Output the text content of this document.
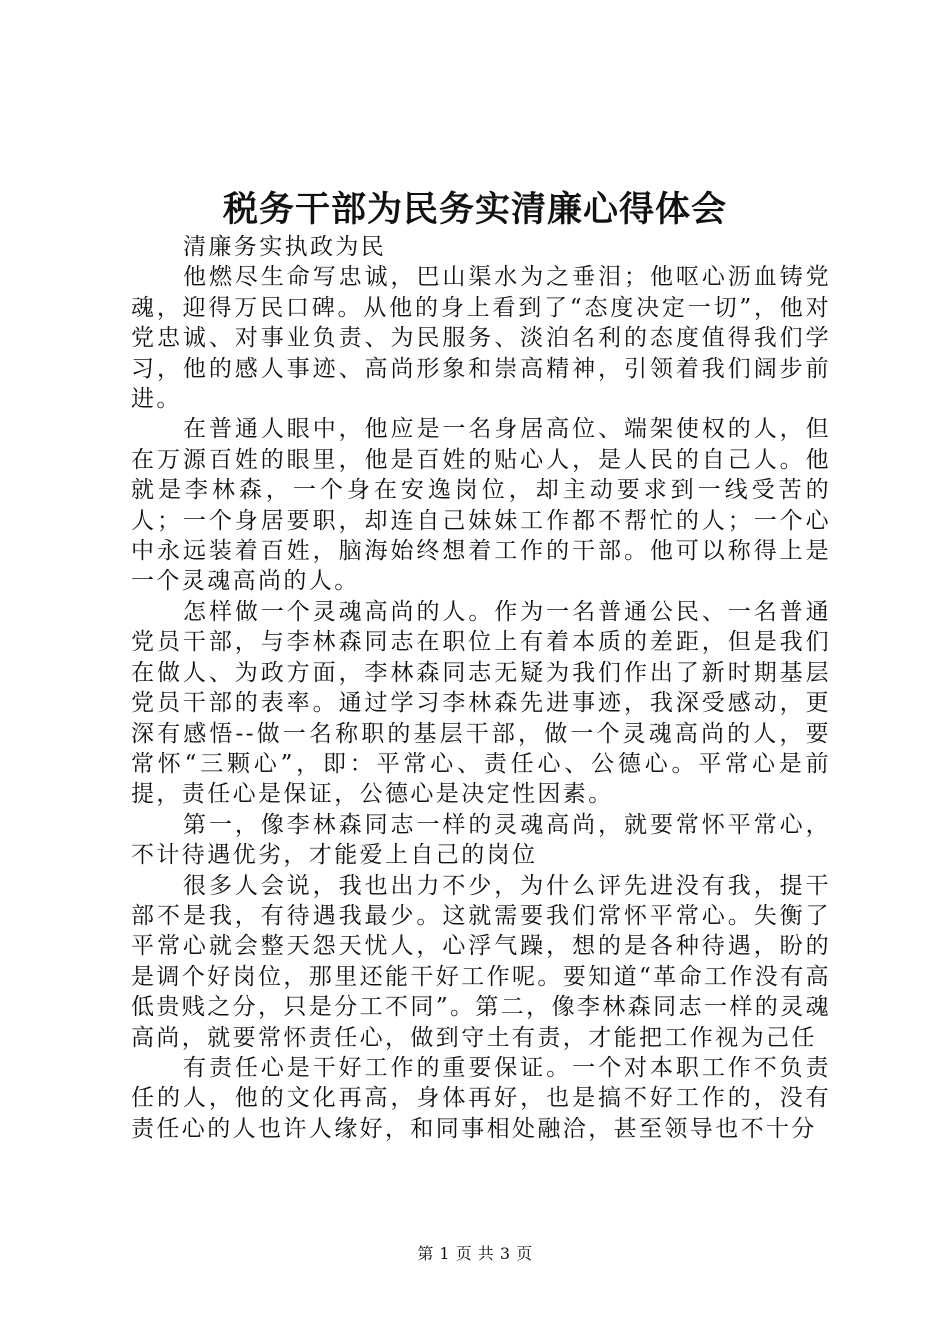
税务干部为民务实清廉心得体会

清廉务实执政为民

他燃尽生命写忠诚，巴山渠水为之垂泪；他呕心沥血铸党魂，迎得万民口碑。从他的身上看到了“态度决定一切”，他对党忠诚、对事业负责、为民服务、淡泊名利的态度值得我们学习，他的感人事迹、高尚形象和崇高精神，引领着我们阔步前进。

在普通人眼中，他应是一名身居高位、端架使权的人，但在万源百姓的眼里，他是百姓的贴心人，是人民的自己人。他就是李林森，一个身在安逸岗位，却主动要求到一线受苦的人；一个身居要职，却连自己妹妹工作都不帮忙的人；一个心中永远装着百姓，脑海始终想着工作的干部。他可以称得上是一个灵魂高尚的人。

怎样做一个灵魂高尚的人。作为一名普通公民、一名普通党员干部，与李林森同志在职位上有着本质的差距，但是我们在做人、为政方面，李林森同志无疑为我们作出了新时期基层党员干部的表率。通过学习李林森先进事迹，我深受感动，更深有感悟--做一名称职的基层干部，做一个灵魂高尚的人，要常怀“三颗心”，即：平常心、责任心、公德心。平常心是前提，责任心是保证，公德心是决定性因素。

第一，像李林森同志一样的灵魂高尚，就要常怀平常心，不计待遇优劣，才能爱上自己的岗位

很多人会说，我也出力不少，为什么评先进没有我，提干部不是我，有待遇我最少。这就需要我们常怀平常心。失衡了平常心就会整天怨天忧人，心浮气躁，想的是各种待遇，盼的是调个好岗位，那里还能干好工作呢。要知道“革命工作没有高低贵贱之分，只是分工不同”。第二，像李林森同志一样的灵魂高尚，就要常怀责任心，做到守土有责，才能把工作视为己任

有责任心是干好工作的重要保证。一个对本职工作不负责任的人，他的文化再高，身体再好，也是搞不好工作的，没有责任心的人也许人缘好，和同事相处融洽，甚至领导也不十分

第 1 页 共 3 页
